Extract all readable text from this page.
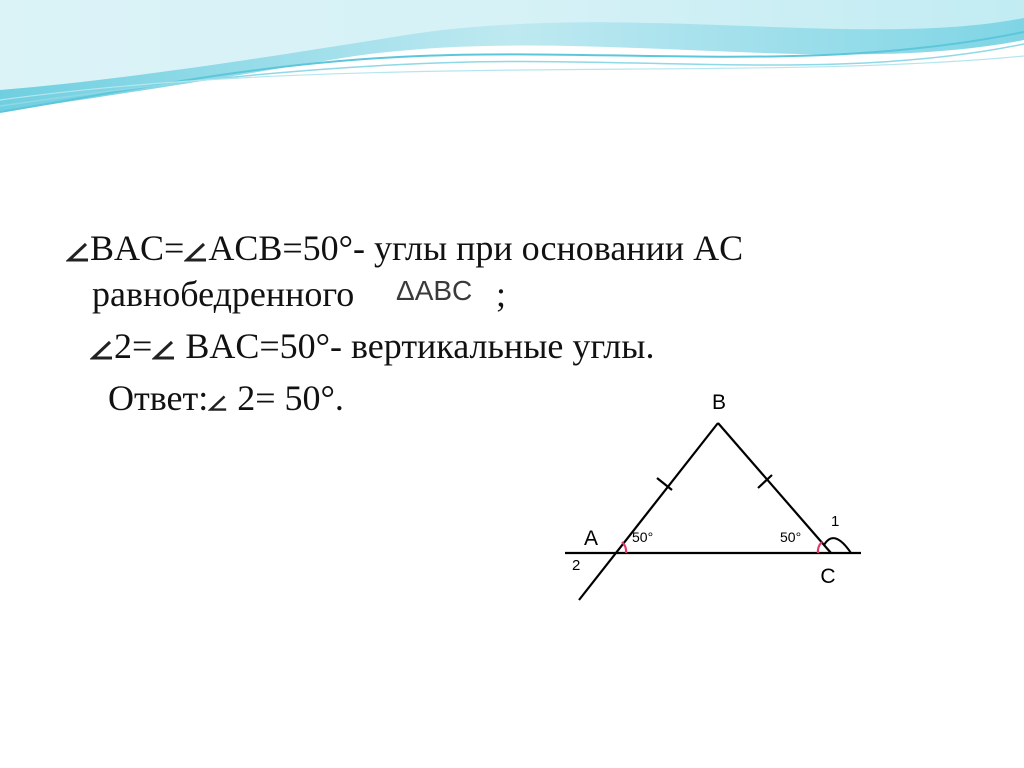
BAC= ACB=50°- углы при основании AC
равнобедренного ΔABC ;
2= BAC=50°- вертикальные углы.
Ответ: 2= 50°.	B
A
C
50°	50°
1
2
